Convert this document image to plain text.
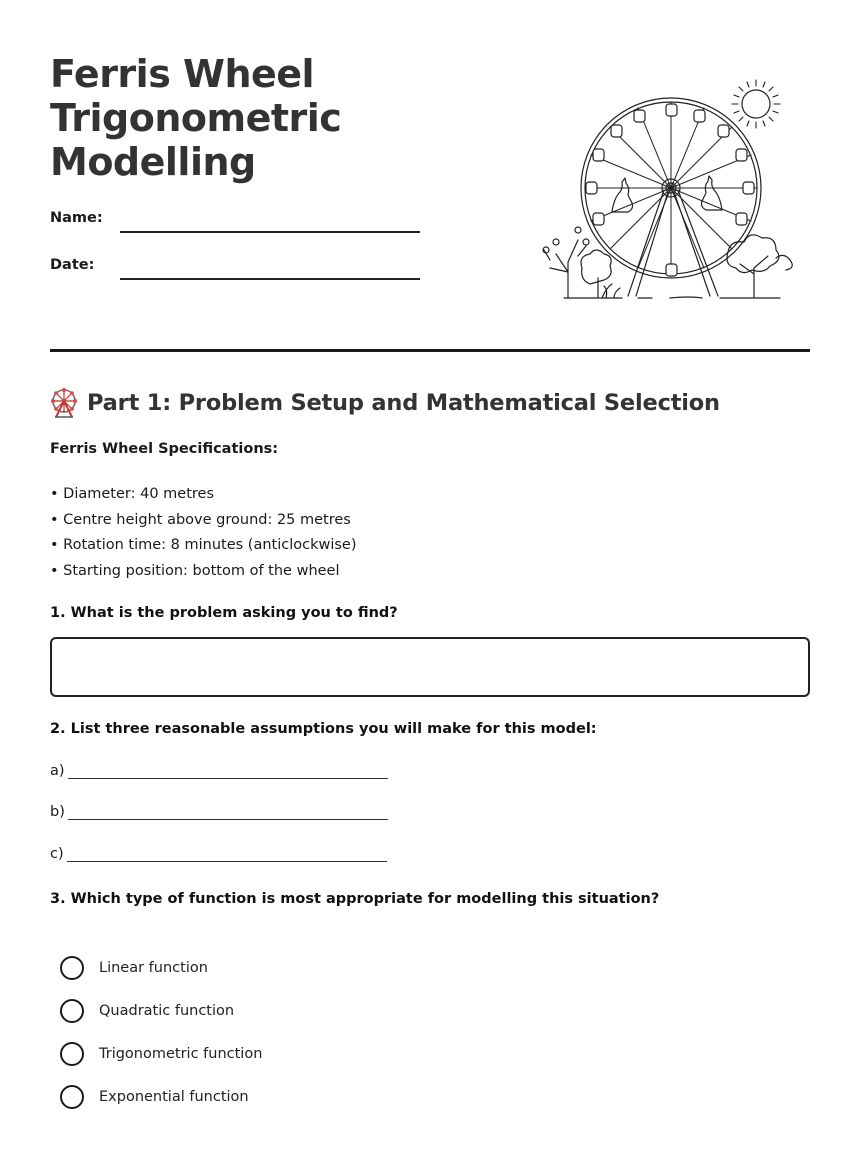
Ferris Wheel
Trigonometric
Modelling
Name:
Date:
Part 1: Problem Setup and Mathematical Selection
Ferris Wheel Specifications:
• Diameter: 40 metres
• Centre height above ground: 25 metres
• Rotation time: 8 minutes (anticlockwise)
• Starting position: bottom of the wheel
1. What is the problem asking you to find?
2. List three reasonable assumptions you will make for this model:
a)
b)
c)
3. Which type of function is most appropriate for modelling this situation?
Linear function
Quadratic function
Trigonometric function
Exponential function
